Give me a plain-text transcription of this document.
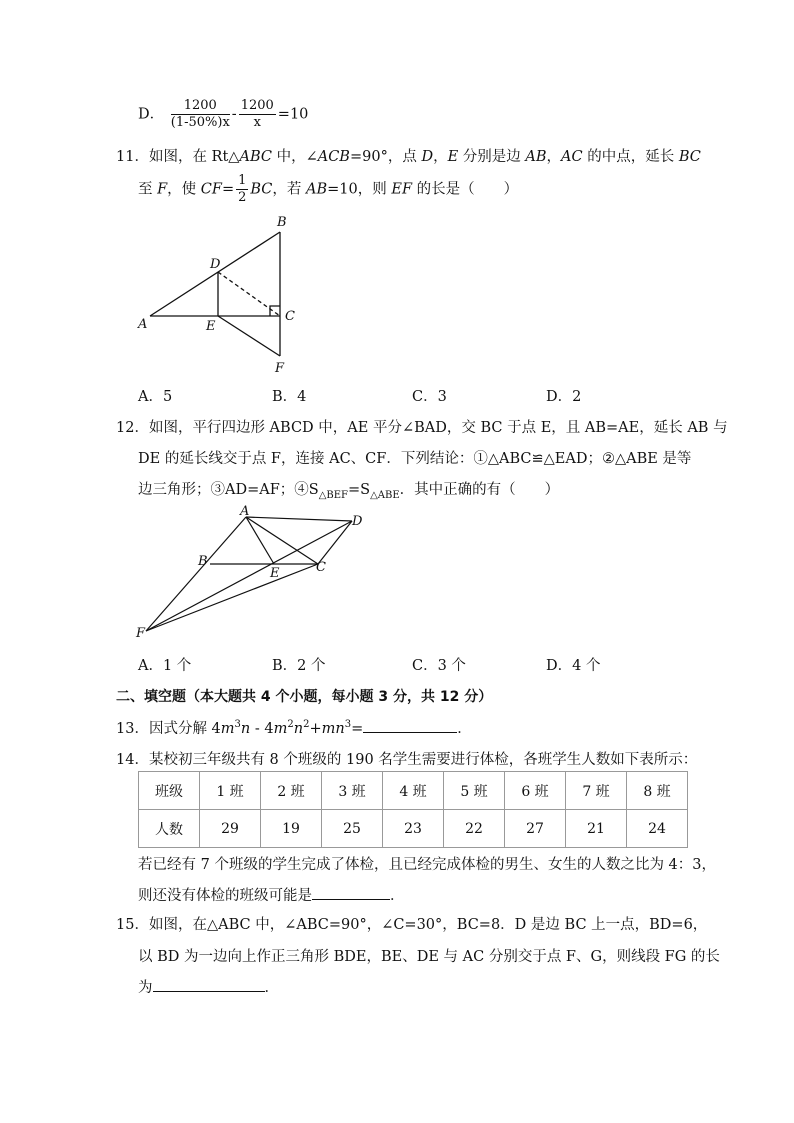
D． $\frac{1200}{(1-50\%)x} - \frac{1200}{x} =10$
11．如图，在 Rt△ABC 中，∠ACB=90°，点 D，E 分别是边 AB，AC 的中点，延长 BC
至 F，使 $CF= \frac{1}{2}$ BC，若 AB=10，则 EF 的长是（　　）
B
D
C
A	E
F
A．5	B．4	C．3	D．2
12．如图，平行四边形 ABCD 中，AE 平分∠BAD，交 BC 于点 E，且 AB=AE，延长 AB 与
DE 的延长线交于点 F，连接 AC、CF．下列结论：①△ABC≌△EAD；②△ABE 是等
边三角形；③AD=AF；$④S_{\triangle BEF}=S_{\triangle ABE}$．其中正确的有（　　）
A
D
B
E	C
F
A．1 个	B．2 个	C．3 个	D．4 个
二、填空题（本大题共 4 个小题，每小题 3 分，共 12 分）
13．因式分解 $4m^3n - 4m^2n^2+mn^3=$	．
14．某校初三年级共有 8 个班级的 190 名学生需要进行体检，各班学生人数如下表所示：
班级	1 班	2 班	3 班	4 班	5 班	6 班	7 班	8 班
人数	29	19	25	23	22	27	21	24
若已经有 7 个班级的学生完成了体检，且已经完成体检的男生、女生的人数之比为 4：3，
则还没有体检的班级可能是	．
15．如图，在△ABC 中，∠ABC=90°，∠C=30°，BC=8．D 是边 BC 上一点，BD=6，
以 BD 为一边向上作正三角形 BDE，BE、DE 与 AC 分别交于点 F、G，则线段 FG 的长
为	．
